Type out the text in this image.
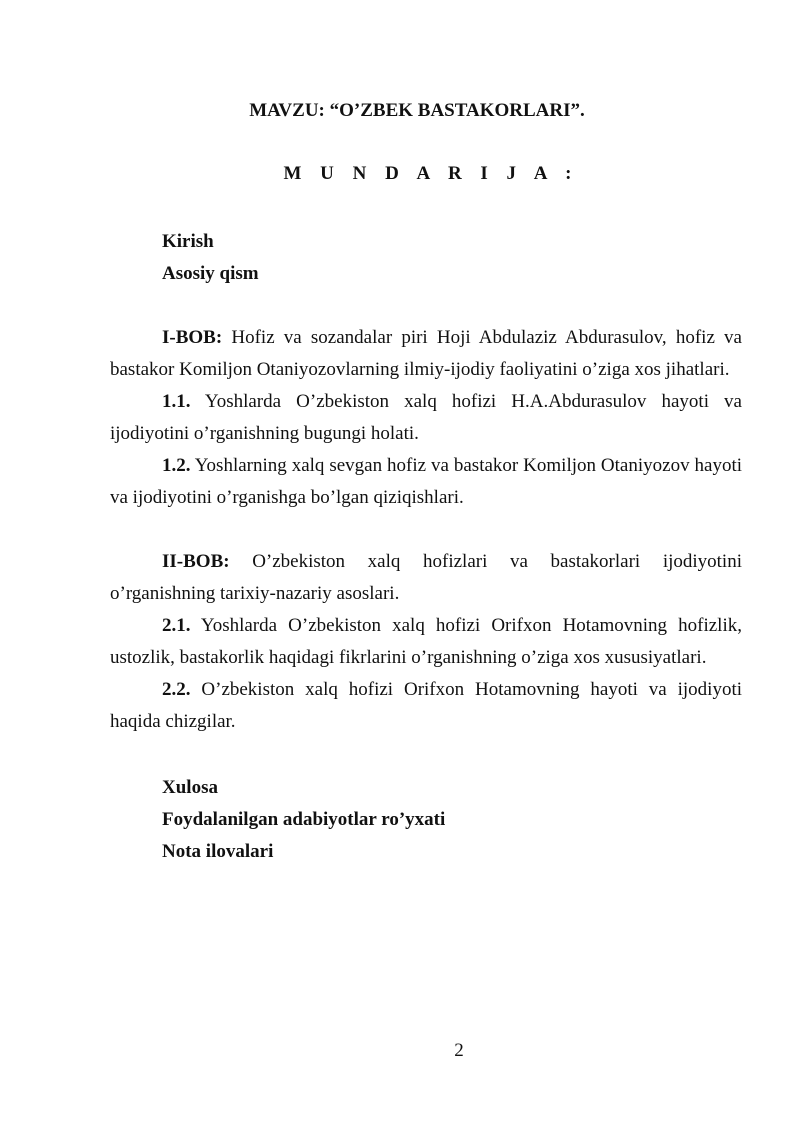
MAVZU: “O’ZBEK BASTAKORLARI”.
M U N D A R I J A :
Kirish
Asosiy qism

I-BOB: Hofiz va sozandalar piri Hoji Abdulaziz Abdurasulov, hofiz va bastakor Komiljon Otaniyozovlarning ilmiy-ijodiy faoliyatini o’ziga xos jihatlari.

1.1. Yoshlarda O’zbekiston xalq hofizi H.A.Abdurasulov hayoti va ijodiyotini o’rganishning bugungi holati.

1.2. Yoshlarning xalq sevgan hofiz va bastakor Komiljon Otaniyozov hayoti va ijodiyotini o’rganishga bo’lgan qiziqishlari.

II-BOB: O’zbekiston xalq hofizlari va bastakorlari ijodiyotini o’rganishning tarixiy-nazariy asoslari.

2.1. Yoshlarda O’zbekiston xalq hofizi Orifxon Hotamovning hofizlik, ustozlik, bastakorlik haqidagi fikrlarini o’rganishning o’ziga xos xususiyatlari.

2.2. O’zbekiston xalq hofizi Orifxon Hotamovning hayoti va ijodiyoti haqida chizgilar.

Xulosa
Foydalanilgan adabiyotlar ro’yxati
Nota ilovalari
2
